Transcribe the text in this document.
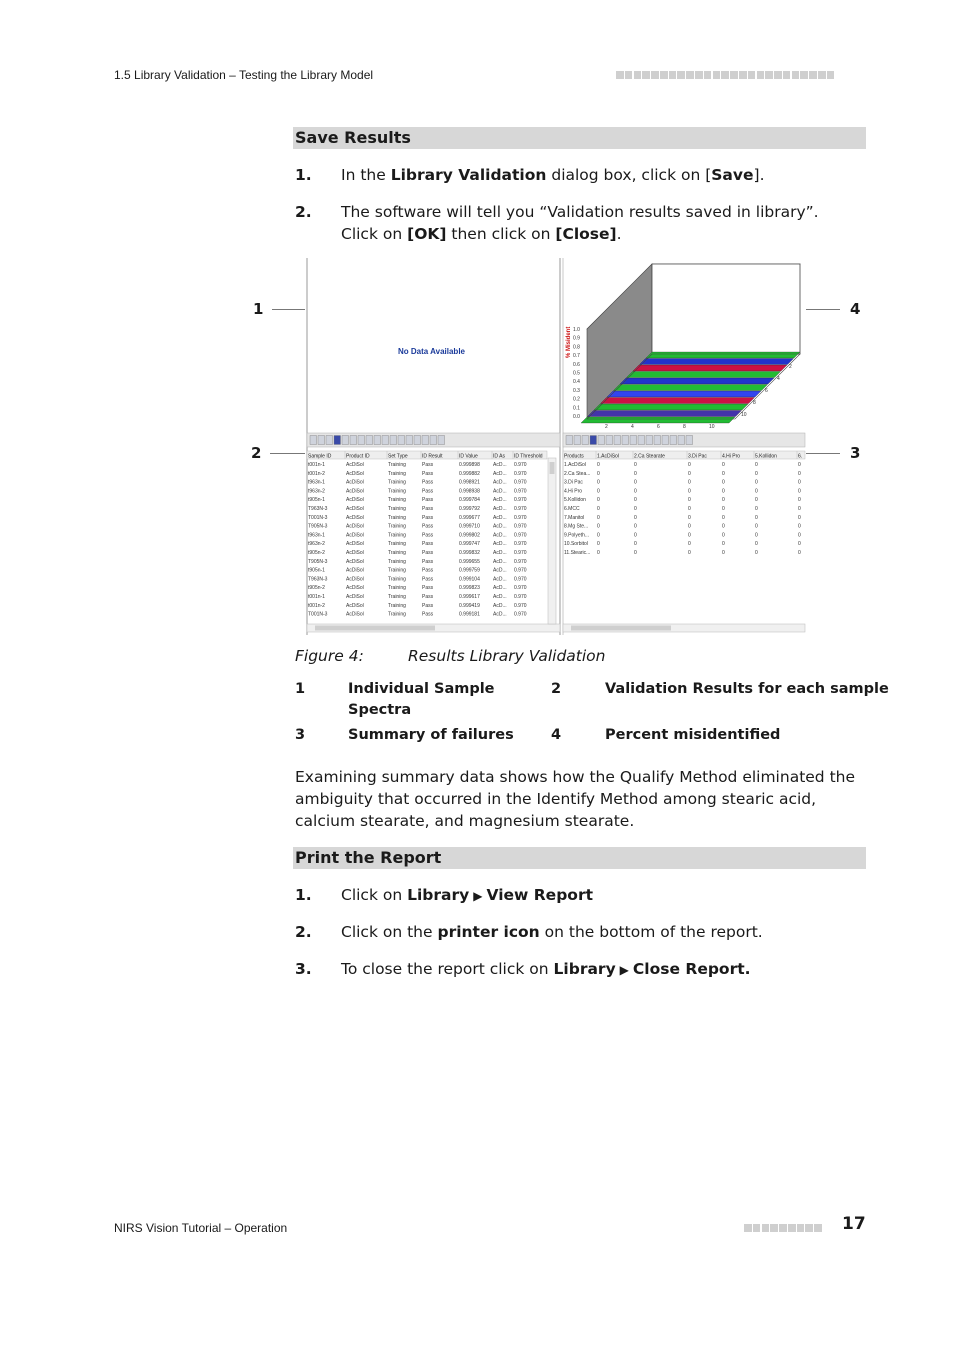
1.5 Library Validation – Testing the Library Model
Save Results
1. In the Library Validation dialog box, click on [Save].
2. The software will tell you “Validation results saved in library”. Click on [OK] then click on [Close].
1
2	3
4
No Data Available
1.0
0.9
0.8
0.7
0.6
0.5
0.4
0.3
0.2
0.1
0.0
2	4	6	8	10
2
4
6
8
10
% Misident
Sample ID	Product ID	Set Type	ID Result	ID Value	ID As ID Threshold
t001n-1	AcDiSol	Training	Pass	0.999898	AcD... 0.970
t001n-2	AcDiSol	Training	Pass	0.999882	AcD... 0.970
t963n-1	AcDiSol	Training	Pass	0.998921	AcD... 0.970
t963n-2	AcDiSol	Training	Pass	0.998938	AcD... 0.970
t905n-1	AcDiSol	Training	Pass	0.999784	AcD... 0.970
T963N-3	AcDiSol	Training	Pass	0.999792	AcD... 0.970
T001N-3	AcDiSol	Training	Pass	0.999677	AcD... 0.970
T905N-3	AcDiSol	Training	Pass	0.999710	AcD... 0.970
t963n-1	AcDiSol	Training	Pass	0.999802	AcD... 0.970
t963n-2	AcDiSol	Training	Pass	0.999747	AcD... 0.970
t905n-2	AcDiSol	Training	Pass	0.999832	AcD... 0.970
T905N-3	AcDiSol	Training	Pass	0.999655	AcD... 0.970
t905n-1	AcDiSol	Training	Pass	0.999759	AcD... 0.970
T963N-3	AcDiSol	Training	Pass	0.999104	AcD... 0.970
t905n-2	AcDiSol	Training	Pass	0.999823	AcD... 0.970
t001n-1	AcDiSol	Training	Pass	0.999617	AcD... 0.970
t001n-2	AcDiSol	Training	Pass	0.999419	AcD... 0.970
T001N-3	AcDiSol	Training	Pass	0.999181	AcD... 0.970
Products	1.AcDiSol	2.Ca Stearate	3.Di Pac	4.Hi Pro	5.Kollidon	6.
1.AcDiSol 0	0	0	0	0	0
2.Ca Stea... 0	0	0	0	0	0
3.Di Pac	0	0	0	0	0	0
4.Hi Pro	0	0	0	0	0	0
5.Kollidon 0	0	0	0	0	0
6.MCC	0	0	0	0	0	0
7.Manitol	0	0	0	0	0	0
8.Mg Ste... 0	0	0	0	0	0
9.Polyeth... 0	0	0	0	0	0
10.Sorbitol 0	0	0	0	0	0
11.Stearic... 0	0	0	0	0	0
Figure 4:	Results Library Validation
1	Individual Sample Spectra
2	Validation Results for each sample
3	Summary of failures	4	Percent misidentified
Examining summary data shows how the Qualify Method eliminated the ambiguity that occurred in the Identify Method among stearic acid, calcium stearate, and magnesium stearate.
Print the Report
1. Click on Library ▶ View Report
2. Click on the printer icon on the bottom of the report.
3. To close the report click on Library ▶ Close Report.
NIRS Vision Tutorial – Operation	17
